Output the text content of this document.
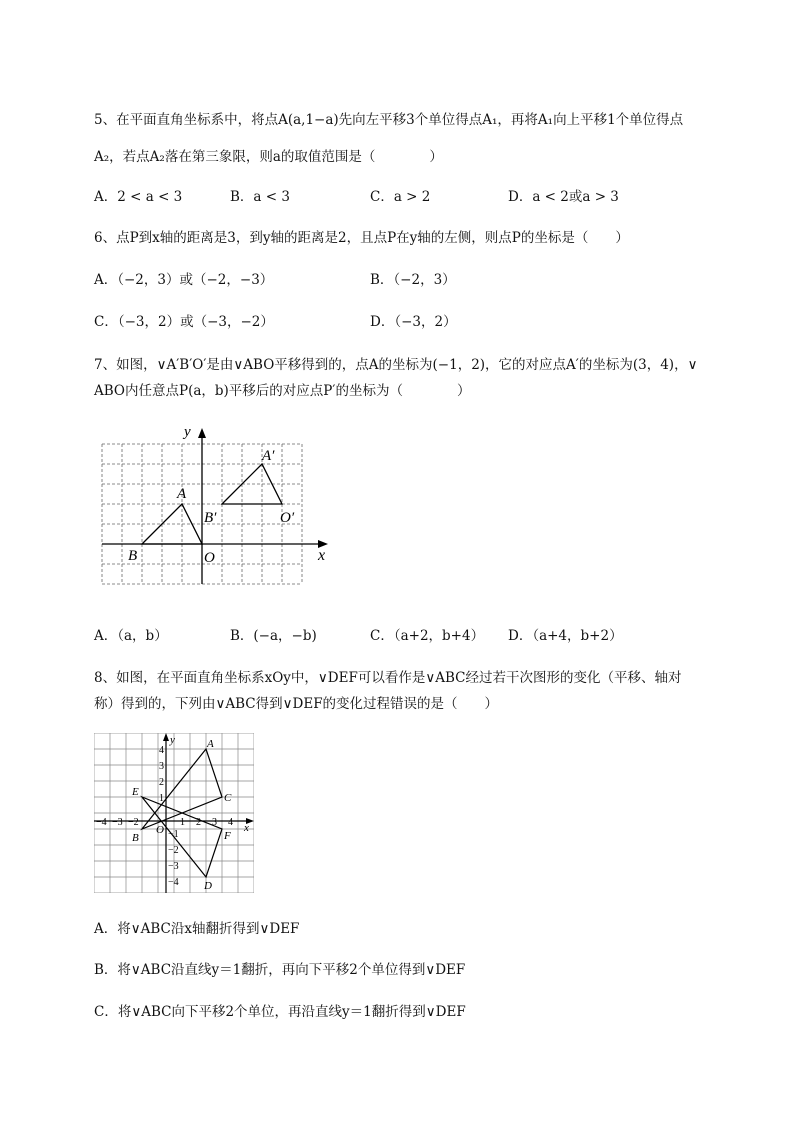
5、在平面直角坐标系中，将点A(a,1−a)先向左平移3个单位得点A₁，再将A₁向上平移1个单位得点
A₂，若点A₂落在第三象限，则a的取值范围是（　　　　）
A．2 < a < 3	B．a < 3	C．a > 2	D．a < 2或a > 3
6、点P到x轴的距离是3，到y轴的距离是2，且点P在y轴的左侧，则点P的坐标是（　　）
A．（−2，3）或（−2，−3）	B．（−2，3）
C．（−3，2）或（−3，−2）	D．（−3，2）
7、如图，∨A′B′O′是由∨ABO平移得到的，点A的坐标为(−1，2)，它的对应点A′的坐标为(3，4)，∨
ABO内任意点P(a，b)平移后的对应点P′的坐标为（　　　　）
y
x
A
B	O
A′
B′	O′
A．（a，b）	B．(−a，−b)	C．（a+2，b+4） D．（a+4，b+2）
8、如图，在平面直角坐标系xOy中，∨DEF可以看作是∨ABC经过若干次图形的变化（平移、轴对
称）得到的，下列由∨ABC得到∨DEF的变化过程错误的是（　　）
y
x
O
A
B
C
D
E
F
4
3
2
1
−1
−2
−3
−4
−4 −3 −2	1 2 3 4
A．将∨ABC沿x轴翻折得到∨DEF
B．将∨ABC沿直线y＝1翻折，再向下平移2个单位得到∨DEF
C．将∨ABC向下平移2个单位，再沿直线y＝1翻折得到∨DEF
